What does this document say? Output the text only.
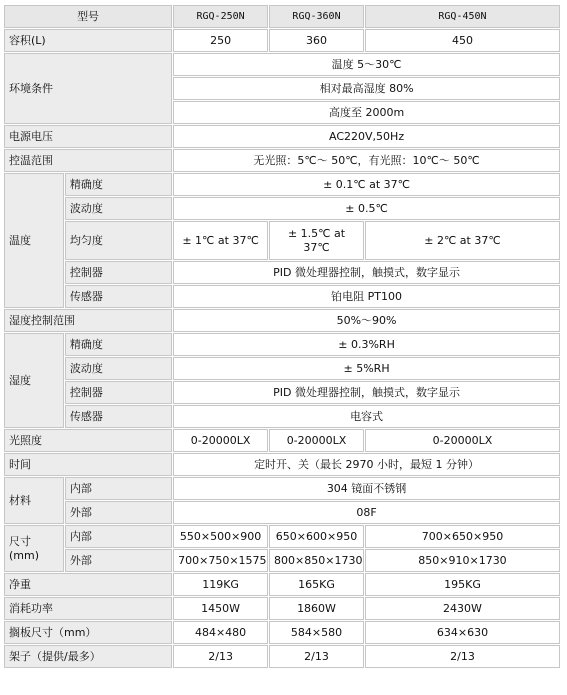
型号		RGQ-250N	RGQ-360N	RGQ-450N
容积(L)		250	360	450
环境条件		温度 5～30℃		
		相对最高湿度 80%		
		高度至 2000m		
电源电压		AC220V,50Hz		
控温范围		无光照：5℃～ 50℃，有光照：10℃～ 50℃		
温度	精确度	± 0.1℃ at 37℃		
	波动度	± 0.5℃		
	均匀度	± 1℃ at 37℃	± 1.5℃ at 37℃	± 2℃ at 37℃
	控制器	PID 微处理器控制，触摸式，数字显示		
	传感器	铂电阻 PT100		
湿度控制范围		50%～90%		
湿度	精确度	± 0.3%RH		
	波动度	± 5%RH		
	控制器	PID 微处理器控制，触摸式，数字显示		
	传感器	电容式		
光照度		0-20000LX	0-20000LX	0-20000LX
时间		定时开、关（最长 2970 小时，最短 1 分钟）		
材料	内部	304 镜面不锈钢		
	外部	08F		
尺寸(mm)	内部	550×500×900	650×600×950	700×650×950
	外部	700×750×1575	800×850×1730	850×910×1730
净重		119KG	165KG	195KG
消耗功率		1450W	1860W	2430W
搁板尺寸（mm）		484×480	584×580	634×630
架子（提供/最多）		2/13	2/13	2/13
